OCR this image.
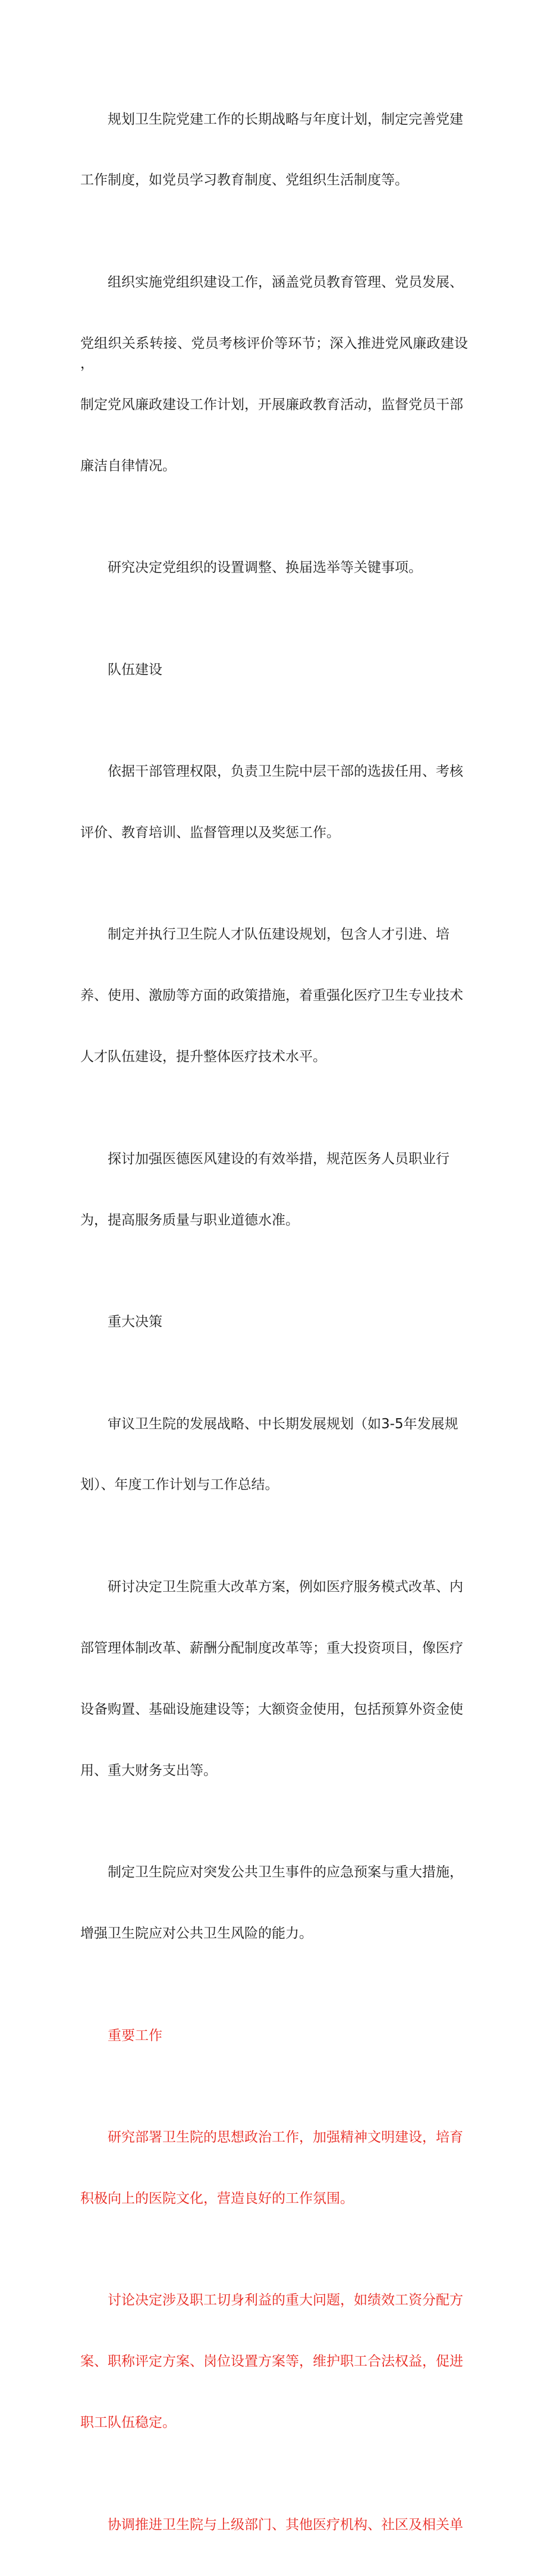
规划卫生院党建工作的长期战略与年度计划，制定完善党建

工作制度，如党员学习教育制度、党组织生活制度等。

组织实施党组织建设工作，涵盖党员教育管理、党员发展、

党组织关系转接、党员考核评价等环节；深入推进党风廉政建设，

制定党风廉政建设工作计划，开展廉政教育活动，监督党员干部

廉洁自律情况。

研究决定党组织的设置调整、换届选举等关键事项。

队伍建设

依据干部管理权限，负责卫生院中层干部的选拔任用、考核

评价、教育培训、监督管理以及奖惩工作。

制定并执行卫生院人才队伍建设规划，包含人才引进、培

养、使用、激励等方面的政策措施，着重强化医疗卫生专业技术

人才队伍建设，提升整体医疗技术水平。

探讨加强医德医风建设的有效举措，规范医务人员职业行

为，提高服务质量与职业道德水准。

重大决策

审议卫生院的发展战略、中长期发展规划（如3-5年发展规

划）、年度工作计划与工作总结。

研讨决定卫生院重大改革方案，例如医疗服务模式改革、内

部管理体制改革、薪酬分配制度改革等；重大投资项目，像医疗

设备购置、基础设施建设等；大额资金使用，包括预算外资金使

用、重大财务支出等。

制定卫生院应对突发公共卫生事件的应急预案与重大措施，

增强卫生院应对公共卫生风险的能力。

重要工作

研究部署卫生院的思想政治工作，加强精神文明建设，培育

积极向上的医院文化，营造良好的工作氛围。

讨论决定涉及职工切身利益的重大问题，如绩效工资分配方

案、职称评定方案、岗位设置方案等，维护职工合法权益，促进

职工队伍稳定。

协调推进卫生院与上级部门、其他医疗机构、社区及相关单
